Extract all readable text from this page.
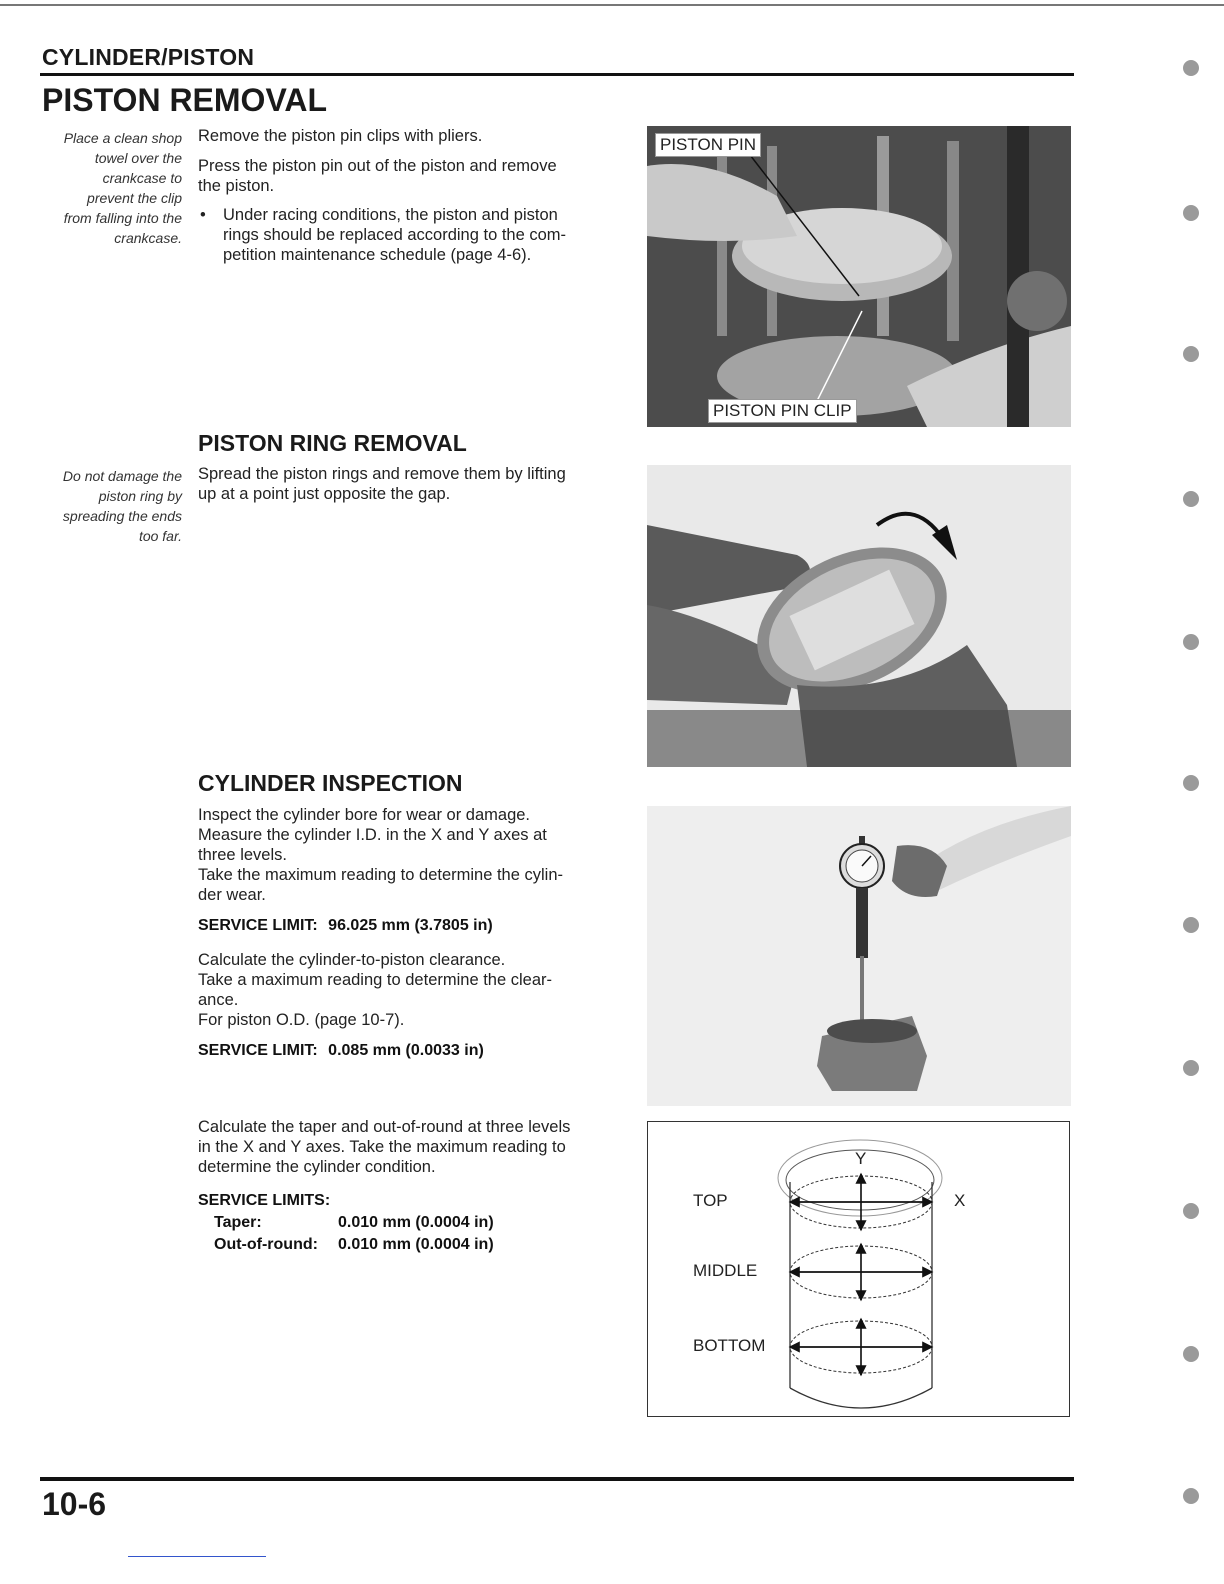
CYLINDER/PISTON
PISTON REMOVAL
Place a clean shop
towel over the
crankcase to
prevent the clip
from falling into the
crankcase.
Remove the piston pin clips with pliers.
Press the piston pin out of the piston and remove
the piston.
• Under racing conditions, the piston and piston
rings should be replaced according to the com-
petition maintenance schedule (page 4-6).
PISTON PIN
PISTON PIN CLIP
PISTON RING REMOVAL
Do not damage the
piston ring by
spreading the ends
too far.
Spread the piston rings and remove them by lifting
up at a point just opposite the gap.
CYLINDER INSPECTION
Inspect the cylinder bore for wear or damage.
Measure the cylinder I.D. in the X and Y axes at
three levels.
Take the maximum reading to determine the cylin-
der wear.
SERVICE LIMIT: 96.025 mm (3.7805 in)
Calculate the cylinder-to-piston clearance.
Take a maximum reading to determine the clear-
ance.
For piston O.D. (page 10-7).
SERVICE LIMIT: 0.085 mm (0.0033 in)
Calculate the taper and out-of-round at three levels
in the X and Y axes. Take the maximum reading to
determine the cylinder condition.
SERVICE LIMITS:
Taper:	0.010 mm (0.0004 in)
Out-of-round: 0.010 mm (0.0004 in)
TOP
MIDDLE
BOTTOM
Y
X
10-6
